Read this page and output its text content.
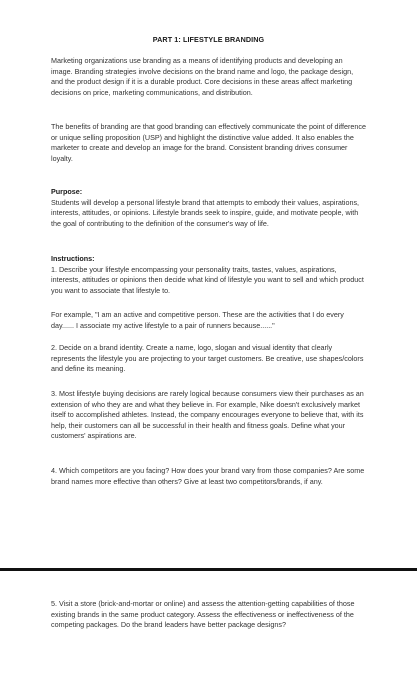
PART 1: LIFESTYLE BRANDING

Marketing organizations use branding as a means of identifying products and developing an image. Branding strategies involve decisions on the brand name and logo, the package design, and the product design if it is a durable product. Core decisions in these areas affect marketing decisions on price, marketing communications, and distribution.

The benefits of branding are that good branding can effectively communicate the point of difference or unique selling proposition (USP) and highlight the distinctive value added. It also enables the marketer to create and develop an image for the brand. Consistent branding drives consumer loyalty.

Purpose:
Students will develop a personal lifestyle brand that attempts to embody their values, aspirations, interests, attitudes, or opinions. Lifestyle brands seek to inspire, guide, and motivate people, with the goal of contributing to the definition of the consumer's way of life.

Instructions:
1. Describe your lifestyle encompassing your personality traits, tastes, values, aspirations, interests, attitudes or opinions then decide what kind of lifestyle you want to sell and which product you want to associate that lifestyle to.

For example, "I am an active and competitive person. These are the activities that I do every day...... I associate my active lifestyle to a pair of runners because......"

2. Decide on a brand identity. Create a name, logo, slogan and visual identity that clearly represents the lifestyle you are projecting to your target customers. Be creative, use shapes/colors and define its meaning.

3. Most lifestyle buying decisions are rarely logical because consumers view their purchases as an extension of who they are and what they believe in. For example, Nike doesn't exclusively market itself to accomplished athletes. Instead, the company encourages everyone to believe that, with its help, their customers can all be successful in their health and fitness goals. Define what your customers' aspirations are.

4. Which competitors are you facing? How does your brand vary from those companies? Are some brand names more effective than others? Give at least two competitors/brands, if any.

5. Visit a store (brick-and-mortar or online) and assess the attention-getting capabilities of those existing brands in the same product category. Assess the effectiveness or ineffectiveness of the competing packages. Do the brand leaders have better package designs?
